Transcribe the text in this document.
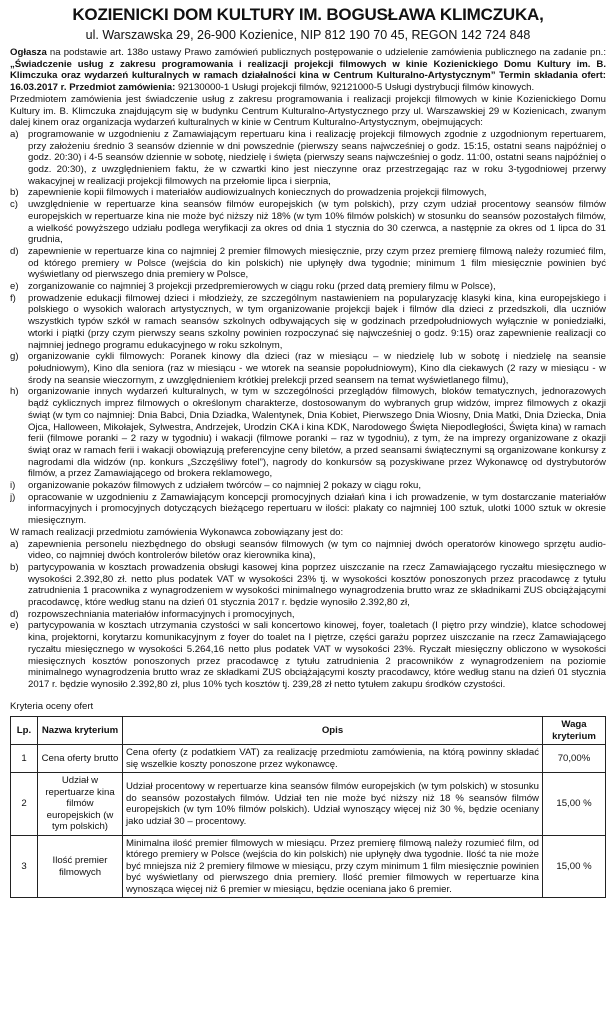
KOZIENICKI DOM KULTURY IM. BOGUSŁAWA KLIMCZUKA,
ul. Warszawska 29, 26-900 Kozienice, NIP 812 190 70 45, REGON 142 724 848

Ogłasza na podstawie art. 138o ustawy Prawo zamówień publicznych postępowanie o udzielenie zamówienia publicznego na zadanie pn.: „Świadczenie usług z zakresu programowania i realizacji projekcji filmowych w kinie Kozienickiego Domu Kultury im. B. Klimczuka oraz wydarzeń kulturalnych w ramach działalności kina w Centrum Kulturalno-Artystycznym” Termin składania ofert: 16.03.2017 r. Przedmiot zamówienia: 92130000-1 Usługi projekcji filmów, 92121000-5 Usługi dystrybucji filmów kinowych.

Przedmiotem zamówienia jest świadczenie usług z zakresu programowania i realizacji projekcji filmowych w kinie Kozienickiego Domu Kultury im. B. Klimczuka znajdującym się w budynku Centrum Kulturalno-Artystycznego przy ul. Warszawskiej 29 w Kozienicach, zwanym dalej kinem oraz organizacja wydarzeń kulturalnych w kinie w Centrum Kulturalno-Artystycznym, obejmujących:

a) programowanie w uzgodnieniu z Zamawiającym repertuaru kina i realizację projekcji filmowych zgodnie z uzgodnionym repertuarem, przy założeniu średnio 3 seansów dziennie w dni powszednie (pierwszy seans najwcześniej o godz. 15:15, ostatni seans najpóźniej o godz. 20:30) i 4-5 seansów dziennie w sobotę, niedzielę i święta (pierwszy seans najwcześniej o godz. 11:00, ostatni seans najpóźniej o godz. 20:30), z uwzględnieniem faktu, że w czwartki kino jest nieczynne oraz przestrzegając raz w roku 3-tygodniowej przerwy wakacyjnej w realizacji projekcji filmowych na przełomie lipca i sierpnia,
b) zapewnienie kopii filmowych i materiałów audiowizualnych koniecznych do prowadzenia projekcji filmowych,
c)	uwzględnienie w repertuarze kina seansów filmów europejskich (w tym polskich), przy czym udział procentowy seansów filmów europejskich w repertuarze kina nie może być niższy niż 18% (w tym 10% filmów polskich) w stosunku do seansów pozostałych filmów, a wielkość powyższego udziału podlega weryfikacji za okres od dnia 1 stycznia do 30 czerwca, a następnie za okres od 1 lipca do 31 grudnia,
d) zapewnienie w repertuarze kina co najmniej 2 premier filmowych miesięcznie, przy czym przez premierę filmową należy rozumieć film, od którego premiery w Polsce (wejścia do kin polskich) nie upłynęły dwa tygodnie; minimum 1 film miesięcznie powinien być wyświetlany od pierwszego dnia premiery w Polsce,
e) zorganizowanie co najmniej 3 projekcji przedpremierowych w ciągu roku (przed datą premiery filmu w Polsce),
f)	prowadzenie edukacji filmowej dzieci i młodzieży, ze szczególnym nastawieniem na popularyzację klasyki kina, kina europejskiego i polskiego o wysokich walorach artystycznych, w tym organizowanie projekcji bajek i filmów dla dzieci z przedszkoli, dla uczniów wszystkich typów szkół w ramach seansów szkolnych odbywających się w godzinach przedpołudniowych wyłącznie w poniedziałki, wtorki i piątki (przy czym pierwszy seans szkolny powinien rozpoczynać się najwcześniej o godz. 9:15) oraz zapewnienie realizacji co najmniej jednego programu edukacyjnego w roku szkolnym,
g) organizowanie cykli filmowych: Poranek kinowy dla dzieci (raz w miesiącu – w niedzielę lub w sobotę i niedzielę na seansie południowym), Kino dla seniora (raz w miesiącu - we wtorek na seansie popołudniowym), Kino dla ciekawych (2 razy w miesiącu - w środy na seansie wieczornym, z uwzględnieniem krótkiej prelekcji przed seansem na temat wyświetlanego filmu),
h) organizowanie innych wydarzeń kulturalnych, w tym w szczególności przeglądów filmowych, bloków tematycznych, jednorazowych bądź cyklicznych imprez filmowych o określonym charakterze, dostosowanym do wybranych grup widzów, imprez filmowych z okazji świąt (w tym co najmniej: Dnia Babci, Dnia Dziadka, Walentynek, Dnia Kobiet, Pierwszego Dnia Wiosny, Dnia Matki, Dnia Dziecka, Dnia Ojca, Halloween, Mikołajek, Sylwestra, Andrzejek, Urodzin CKA i kina KDK, Narodowego Święta Niepodległości, Święta kina) w ramach ferii (filmowe poranki – 2 razy w tygodniu) i wakacji (filmowe poranki – raz w tygodniu), z tym, że na imprezy organizowane z okazji świąt oraz w ramach ferii i wakacji obowiązują preferencyjne ceny biletów, a przed seansami świątecznymi są organizowane konkursy z nagrodami dla widzów (np. konkurs „Szczęśliwy fotel”), nagrody do konkursów są pozyskiwane przez Wykonawcę od dystrybutorów filmów, a przez Zamawiającego od brokera reklamowego,
i)	organizowanie pokazów filmowych z udziałem twórców – co najmniej 2 pokazy w ciągu roku,
j)	opracowanie w uzgodnieniu z Zamawiającym koncepcji promocyjnych działań kina i ich prowadzenie, w tym dostarczanie materiałów informacyjnych i promocyjnych dotyczących bieżącego repertuaru w ilości: plakaty co najmniej 100 sztuk, ulotki 1000 sztuk w okresie miesięcznym.

W ramach realizacji przedmiotu zamówienia Wykonawca zobowiązany jest do:

a) zapewnienia personelu niezbędnego do obsługi seansów filmowych (w tym co najmniej dwóch operatorów kinowego sprzętu audio-video, co najmniej dwóch kontrolerów biletów oraz kierownika kina),
b) partycypowania w kosztach prowadzenia obsługi kasowej kina poprzez uiszczanie na rzecz Zamawiającego ryczałtu miesięcznego w wysokości 2.392,80 zł. netto plus podatek VAT w wysokości 23% tj. w wysokości kosztów ponoszonych przez pracodawcę z tytułu zatrudnienia 1 pracownika z wynagrodzeniem w wysokości minimalnego wynagrodzenia brutto wraz ze składnikami ZUS obciążającymi pracodawcę, które według stanu na dzień 01 stycznia 2017 r. będzie wynosiło 2.392,80 zł,
d) rozpowszechniania materiałów informacyjnych i promocyjnych,
e) partycypowania w kosztach utrzymania czystości w sali koncertowo kinowej, foyer, toaletach (I piętro przy windzie), klatce schodowej kina, projektorni, korytarzu komunikacyjnym z foyer do toalet na I piętrze, części garażu poprzez uiszczanie na rzecz Zamawiającego ryczałtu miesięcznego w wysokości 5.264,16 netto plus podatek VAT w wysokości 23%. Ryczałt miesięczny obliczono w wysokości miesięcznych kosztów ponoszonych przez pracodawcę z tytułu zatrudnienia 2 pracowników z wynagrodzeniem na poziomie minimalnego wynagrodzenia brutto wraz ze składkami ZUS obciążającymi koszty pracodawcy, które według stanu na dzień 01 stycznia 2017 r. będzie wynosiło 2.392,80 zł, plus 10% tych kosztów tj. 239,28 zł netto tytułem zakupu środków czystości.

Kryteria oceny ofert

Lp.	Nazwa kryterium	Opis	Waga kryterium
1	Cena oferty brutto	Cena oferty (z podatkiem VAT) za realizację przedmiotu zamówienia, na którą powinny składać się wszelkie koszty ponoszone przez wykonawcę.	70,00%
2	Udział w repertuarze kina filmów europejskich (w tym polskich)	Udział procentowy w repertuarze kina seansów filmów europejskich (w tym polskich) w stosunku do seansów pozostałych filmów. Udział ten nie może być niższy niż 18 % seansów filmów europejskich (w tym 10% filmów polskich). Udział wynoszący więcej niż 30 %, będzie oceniany jako udział 30 – procentowy.	15,00 %
3	Ilość premier filmowych	Minimalna ilość premier filmowych w miesiącu. Przez premierę filmową należy rozumieć film, od którego premiery w Polsce (wejścia do kin polskich) nie upłynęły dwa tygodnie. Ilość ta nie może być mniejsza niż 2 premiery filmowe w miesiącu, przy czym minimum 1 film miesięcznie powinien być wyświetlany od pierwszego dnia premiery. Ilość premier filmowych w repertuarze kina wynosząca więcej niż 6 premier w miesiącu, będzie oceniana jako 6 premier.	15,00 %
